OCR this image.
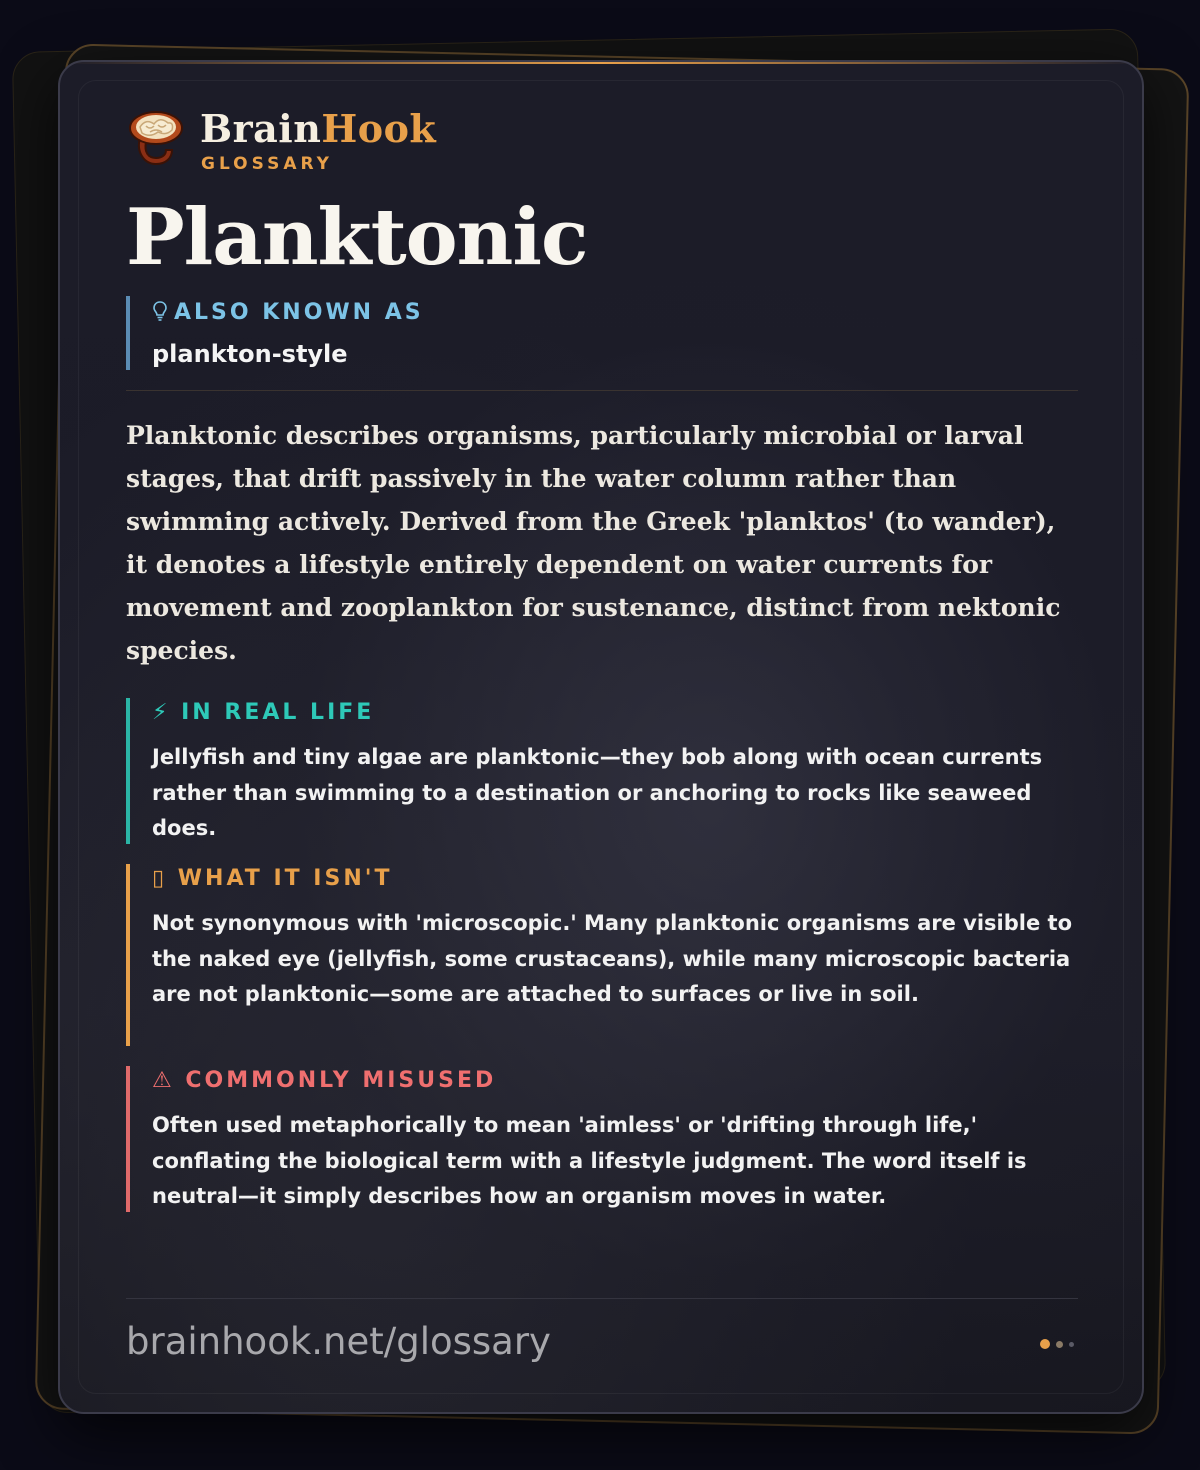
BrainHook
GLOSSARY
Planktonic
ALSO KNOWN AS
plankton-style
Planktonic describes organisms, particularly microbial or larval stages, that drift passively in the water column rather than swimming actively. Derived from the Greek 'planktos' (to wander), it denotes a lifestyle entirely dependent on water currents for movement and zooplankton for sustenance, distinct from nektonic species.
⚡ IN REAL LIFE
Jellyfish and tiny algae are planktonic—they bob along with ocean currents rather than swimming to a destination or anchoring to rocks like seaweed does.
▯ WHAT IT ISN'T
Not synonymous with 'microscopic.' Many planktonic organisms are visible to the naked eye (jellyfish, some crustaceans), while many microscopic bacteria are not planktonic—some are attached to surfaces or live in soil.
⚠ COMMONLY MISUSED
Often used metaphorically to mean 'aimless' or 'drifting through life,' conflating the biological term with a lifestyle judgment. The word itself is neutral—it simply describes how an organism moves in water.
brainhook.net/glossary
